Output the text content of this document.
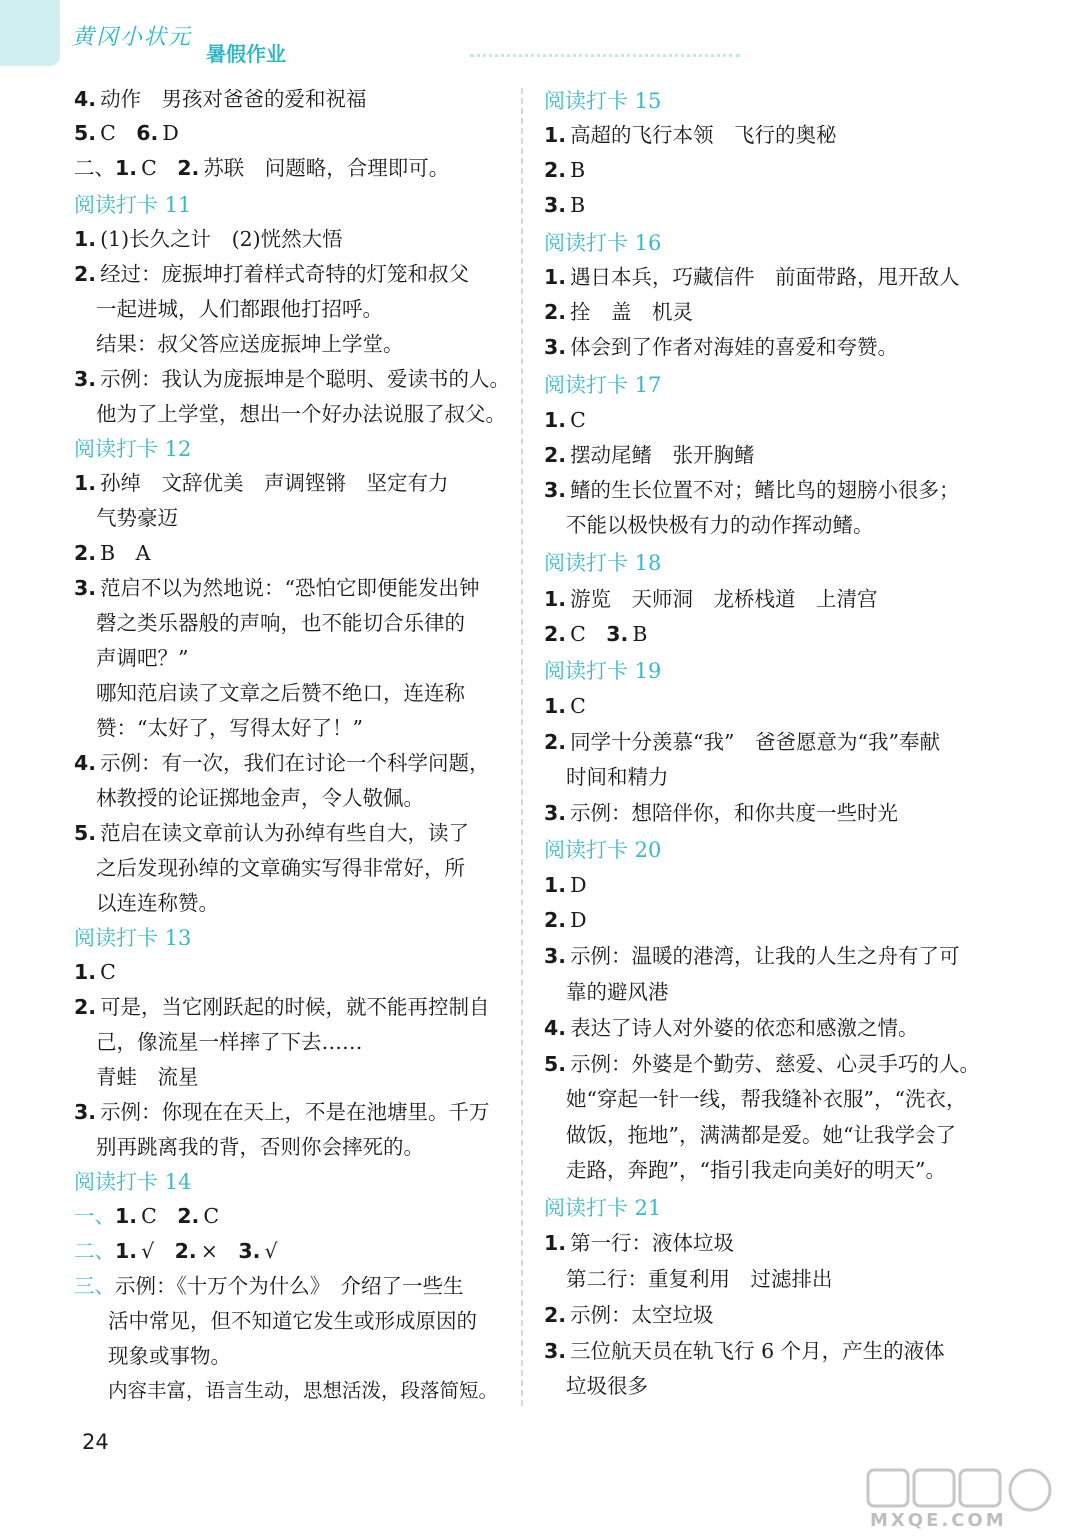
黄冈小状元
暑假作业
4. 动作　男孩对爸爸的爱和祝福
5. C　6. D
二、1. C　2. 苏联　问题略，合理即可。
阅读打卡 11
1. (1)长久之计　(2)恍然大悟
2. 经过：庞振坤打着样式奇特的灯笼和叔父
一起进城，人们都跟他打招呼。
结果：叔父答应送庞振坤上学堂。
3. 示例：我认为庞振坤是个聪明、爱读书的人。
他为了上学堂，想出一个好办法说服了叔父。
阅读打卡 12
1. 孙绰　文辞优美　声调铿锵　坚定有力
气势豪迈
2. B　A
3. 范启不以为然地说：“恐怕它即便能发出钟
磬之类乐器般的声响，也不能切合乐律的
声调吧？”
哪知范启读了文章之后赞不绝口，连连称
赞：“太好了，写得太好了！”
4. 示例：有一次，我们在讨论一个科学问题，
林教授的论证掷地金声，令人敬佩。
5. 范启在读文章前认为孙绰有些自大，读了
之后发现孙绰的文章确实写得非常好，所
以连连称赞。
阅读打卡 13
1. C
2. 可是，当它刚跃起的时候，就不能再控制自
己，像流星一样摔了下去……
青蛙　流星
3. 示例：你现在在天上，不是在池塘里。千万
别再跳离我的背，否则你会摔死的。
阅读打卡 14
一、1. C　2. C
二、1. √　2. ×　3. √
三、示例：《十万个为什么》　介绍了一些生
活中常见，但不知道它发生或形成原因的
现象或事物。
内容丰富，语言生动，思想活泼，段落简短。
阅读打卡 15
1. 高超的飞行本领　飞行的奥秘
2. B
3. B
阅读打卡 16
1. 遇日本兵，巧藏信件　前面带路，甩开敌人
2. 拴　盖　机灵
3. 体会到了作者对海娃的喜爱和夸赞。
阅读打卡 17
1. C
2. 摆动尾鳍　张开胸鳍
3. 鳍的生长位置不对；鳍比鸟的翅膀小很多；
不能以极快极有力的动作挥动鳍。
阅读打卡 18
1. 游览　天师洞　龙桥栈道　上清宫
2. C　3. B
阅读打卡 19
1. C
2. 同学十分羡慕“我”　爸爸愿意为“我”奉献
时间和精力
3. 示例：想陪伴你，和你共度一些时光
阅读打卡 20
1. D
2. D
3. 示例：温暖的港湾，让我的人生之舟有了可
靠的避风港
4. 表达了诗人对外婆的依恋和感激之情。
5. 示例：外婆是个勤劳、慈爱、心灵手巧的人。
她“穿起一针一线，帮我缝补衣服”，“洗衣，
做饭，拖地”，满满都是爱。她“让我学会了
走路，奔跑”，“指引我走向美好的明天”。
阅读打卡 21
1. 第一行：液体垃圾
第二行：重复利用　过滤排出
2. 示例：太空垃圾
3. 三位航天员在轨飞行 6 个月，产生的液体
垃圾很多
24
MXQE.COM
